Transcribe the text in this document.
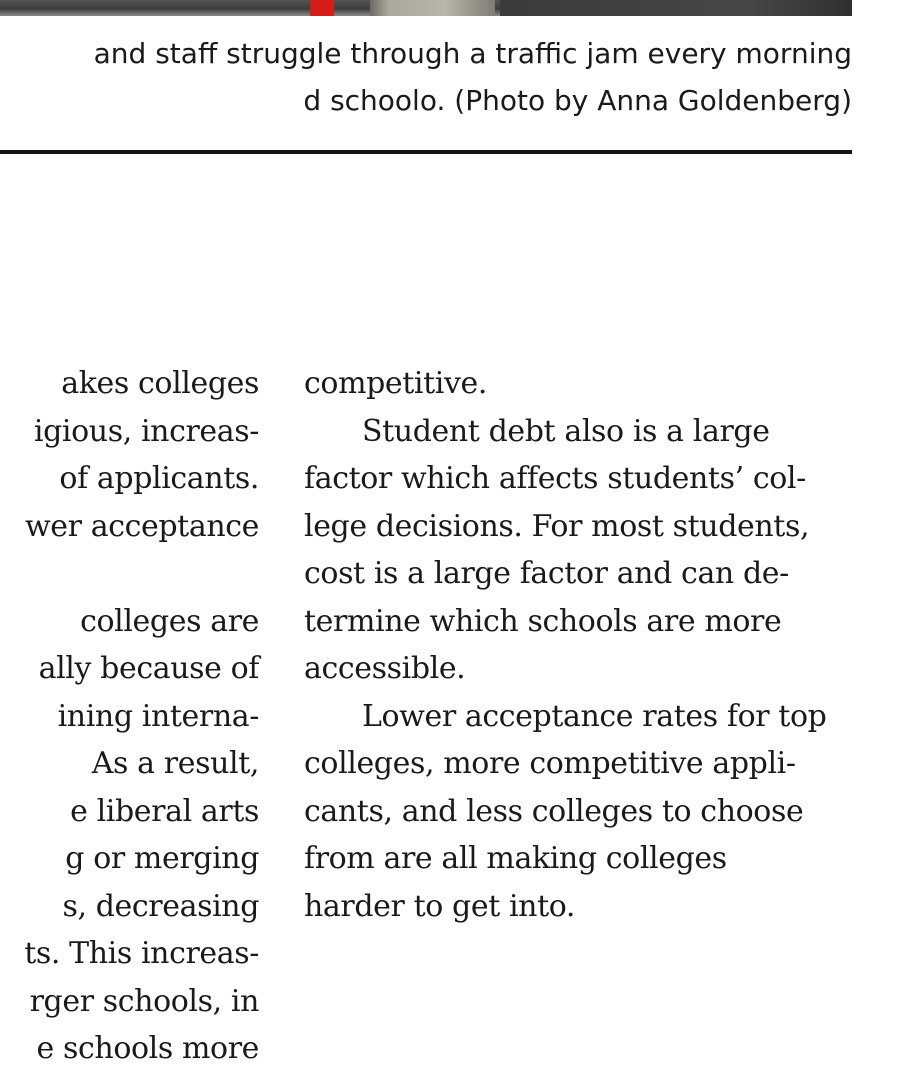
and staff struggle through a traffic jam every morning
d schoolo. (Photo by Anna Goldenberg)
akes colleges
igious, increas-
of applicants.
wer acceptance
colleges are
ally because of
ining interna-
As a result,
e liberal arts
g or merging
s, decreasing
ts. This increas-
rger schools, in
e schools more
competitive.
Student debt also is a large
factor which affects students’ col-
lege decisions. For most students,
cost is a large factor and can de-
termine which schools are more
accessible.
Lower acceptance rates for top
colleges, more competitive appli-
cants, and less colleges to choose
from are all making colleges
harder to get into.
